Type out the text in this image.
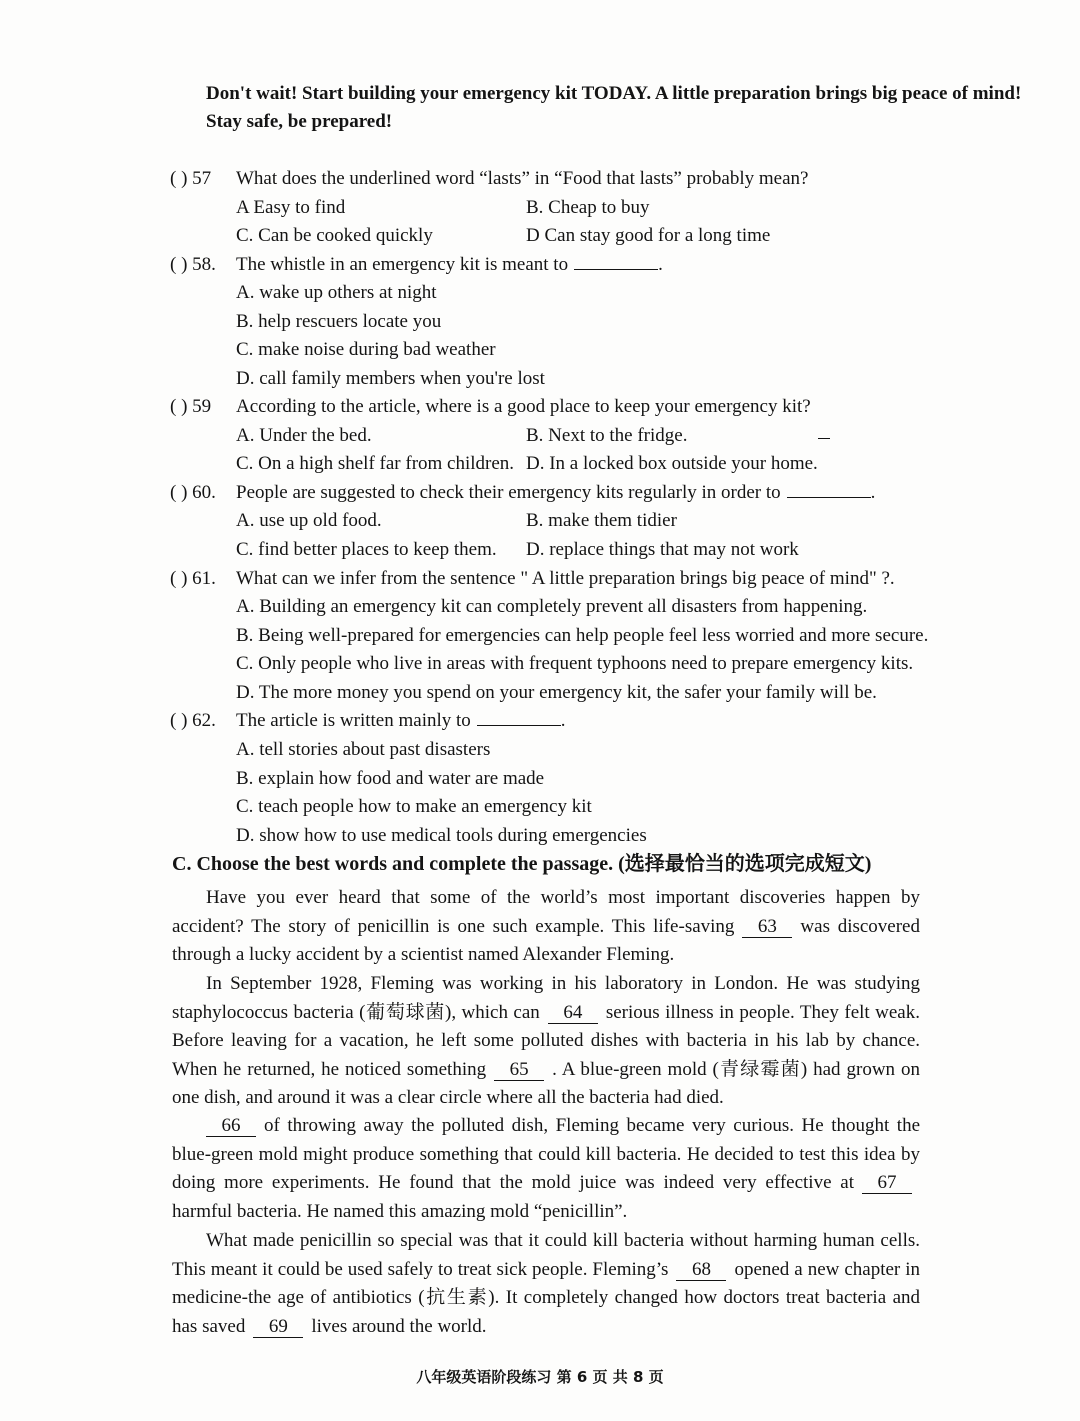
Don't wait! Start building your emergency kit TODAY. A little preparation brings big peace of mind!
Stay safe, be prepared!
( ) 57 What does the underlined word “lasts” in “Food that lasts” probably mean?
A Easy to find	B. Cheap to buy
C. Can be cooked quickly	D Can stay good for a long time
( ) 58. The whistle in an emergency kit is meant to	.
A. wake up others at night
B. help rescuers locate you
C. make noise during bad weather
D. call family members when you're lost
( ) 59 According to the article, where is a good place to keep your emergency kit?
A. Under the bed.	B. Next to the fridge.
C. On a high shelf far from children. D. In a locked box outside your home.
( ) 60. People are suggested to check their emergency kits regularly in order to	.
A. use up old food.	B. make them tidier
C. find better places to keep them. D. replace things that may not work
( ) 61. What can we infer from the sentence " A little preparation brings big peace of mind" ?.
A. Building an emergency kit can completely prevent all disasters from happening.
B. Being well-prepared for emergencies can help people feel less worried and more secure.
C. Only people who live in areas with frequent typhoons need to prepare emergency kits.
D. The more money you spend on your emergency kit, the safer your family will be.
( ) 62. The article is written mainly to	.
A. tell stories about past disasters
B. explain how food and water are made
C. teach people how to make an emergency kit
D. show how to use medical tools during emergencies
C. Choose the best words and complete the passage. (选择最恰当的选项完成短文)
Have you ever heard that some of the world’s most important discoveries happen by accident? The story of penicillin is one such example. This life-saving 63 was discovered through a lucky accident by a scientist named Alexander Fleming.
In September 1928, Fleming was working in his laboratory in London. He was studying staphylococcus bacteria (葡萄球菌), which can 64 serious illness in people. They felt weak. Before leaving for a vacation, he left some polluted dishes with bacteria in his lab by chance. When he returned, he noticed something 65 . A blue-green mold (青绿霉菌) had grown on one dish, and around it was a clear circle where all the bacteria had died.
66 of throwing away the polluted dish, Fleming became very curious. He thought the blue-green mold might produce something that could kill bacteria. He decided to test this idea by doing more experiments. He found that the mold juice was indeed very effective at 67harmful bacteria. He named this amazing mold “penicillin”.
What made penicillin so special was that it could kill bacteria without harming human cells. This meant it could be used safely to treat sick people. Fleming’s 68 opened a new chapter in medicine-the age of antibiotics (抗生素). It completely changed how doctors treat bacteria and has saved 69 lives around the world.
八年级英语阶段练习 第 6 页 共 8 页
